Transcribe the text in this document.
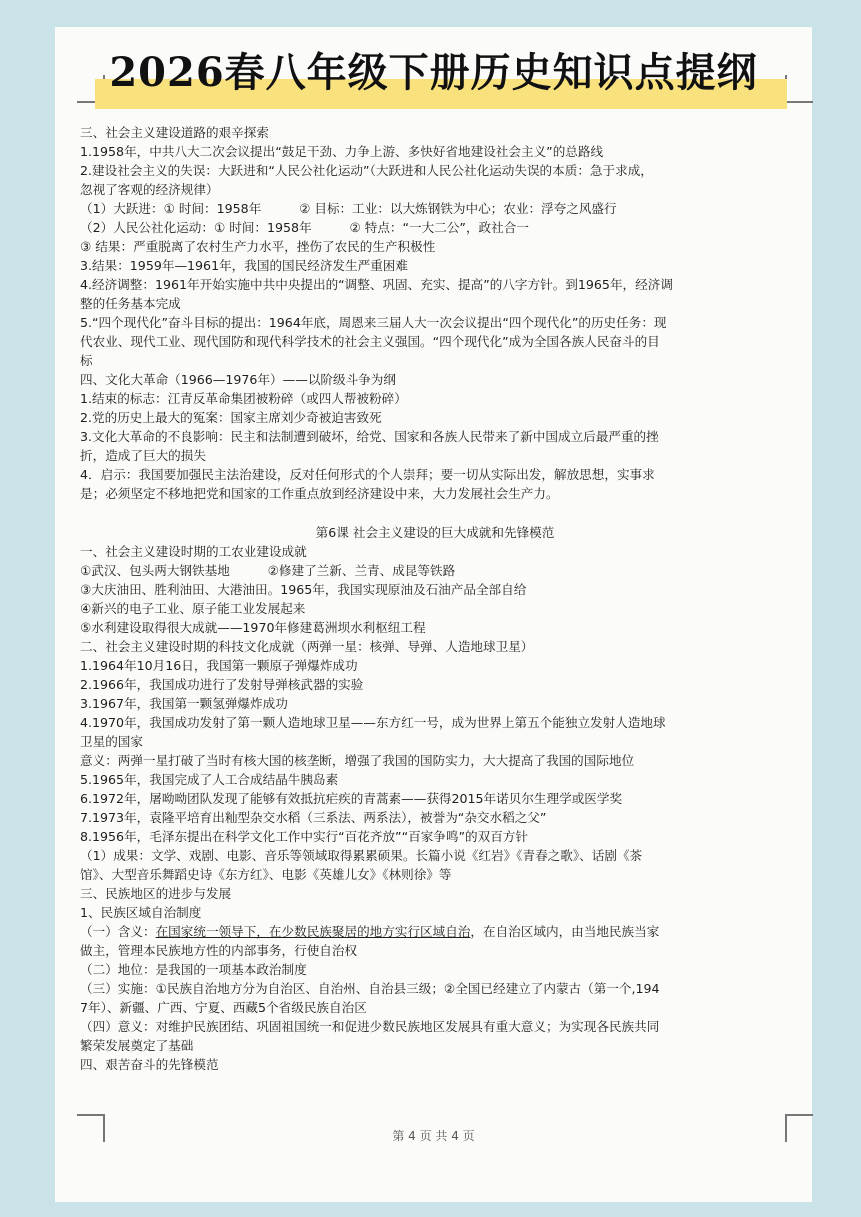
2026春八年级下册历史知识点提纲

三、社会主义建设道路的艰辛探索

1.1958年，中共八大二次会议提出“鼓足干劲、力争上游、多快好省地建设社会主义”的总路线

2.建设社会主义的失误：大跃进和“人民公社化运动”（大跃进和人民公社化运动失误的本质：急于求成，

忽视了客观的经济规律）

（1）大跃进：① 时间：1958年　　　② 目标：工业：以大炼钢铁为中心；农业：浮夸之风盛行

（2）人民公社化运动：① 时间：1958年　　　② 特点：“一大二公”，政社合一

③ 结果：严重脱离了农村生产力水平，挫伤了农民的生产积极性

3.结果：1959年—1961年，我国的国民经济发生严重困难

4.经济调整：1961年开始实施中共中央提出的“调整、巩固、充实、提高”的八字方针。到1965年，经济调

整的任务基本完成

5.“四个现代化”奋斗目标的提出：1964年底，周恩来三届人大一次会议提出“四个现代化”的历史任务：现

代农业、现代工业、现代国防和现代科学技术的社会主义强国。“四个现代化”成为全国各族人民奋斗的目

标

四、文化大革命（1966—1976年）——以阶级斗争为纲

1.结束的标志：江青反革命集团被粉碎（或四人帮被粉碎）

2.党的历史上最大的冤案：国家主席刘少奇被迫害致死

3.文化大革命的不良影响：民主和法制遭到破坏，给党、国家和各族人民带来了新中国成立后最严重的挫

折，造成了巨大的损失

4．启示：我国要加强民主法治建设，反对任何形式的个人崇拜；要一切从实际出发，解放思想，实事求

是；必须坚定不移地把党和国家的工作重点放到经济建设中来，大力发展社会生产力。

第6课 社会主义建设的巨大成就和先锋模范

一、社会主义建设时期的工农业建设成就

①武汉、包头两大钢铁基地　　　②修建了兰新、兰青、成昆等铁路

③大庆油田、胜利油田、大港油田。1965年，我国实现原油及石油产品全部自给

④新兴的电子工业、原子能工业发展起来

⑤水利建设取得很大成就——1970年修建葛洲坝水利枢纽工程

二、社会主义建设时期的科技文化成就（两弹一星：核弹、导弹、人造地球卫星）

1.1964年10月16日，我国第一颗原子弹爆炸成功

2.1966年，我国成功进行了发射导弹核武器的实验

3.1967年，我国第一颗氢弹爆炸成功

4.1970年，我国成功发射了第一颗人造地球卫星——东方红一号，成为世界上第五个能独立发射人造地球

卫星的国家

意义：两弹一星打破了当时有核大国的核垄断，增强了我国的国防实力，大大提高了我国的国际地位

5.1965年，我国完成了人工合成结晶牛胰岛素

6.1972年，屠呦呦团队发现了能够有效抵抗疟疾的青蒿素——获得2015年诺贝尔生理学或医学奖

7.1973年，袁隆平培育出籼型杂交水稻（三系法、两系法），被誉为“杂交水稻之父”

8.1956年，毛泽东提出在科学文化工作中实行“百花齐放”“百家争鸣”的双百方针

（1）成果：文学、戏剧、电影、音乐等领域取得累累硕果。长篇小说《红岩》《青春之歌》、话剧《茶

馆》、大型音乐舞蹈史诗《东方红》、电影《英雄儿女》《林则徐》等

三、民族地区的进步与发展

1、民族区域自治制度

（一）含义：在国家统一领导下，在少数民族聚居的地方实行区域自治，在自治区域内，由当地民族当家

做主，管理本民族地方性的内部事务，行使自治权

（二）地位：是我国的一项基本政治制度

（三）实施：①民族自治地方分为自治区、自治州、自治县三级；②全国已经建立了内蒙古（第一个,194

7年）、新疆、广西、宁夏、西藏5个省级民族自治区

（四）意义：对维护民族团结、巩固祖国统一和促进少数民族地区发展具有重大意义；为实现各民族共同

繁荣发展奠定了基础

四、艰苦奋斗的先锋模范

第 4 页 共 4 页
